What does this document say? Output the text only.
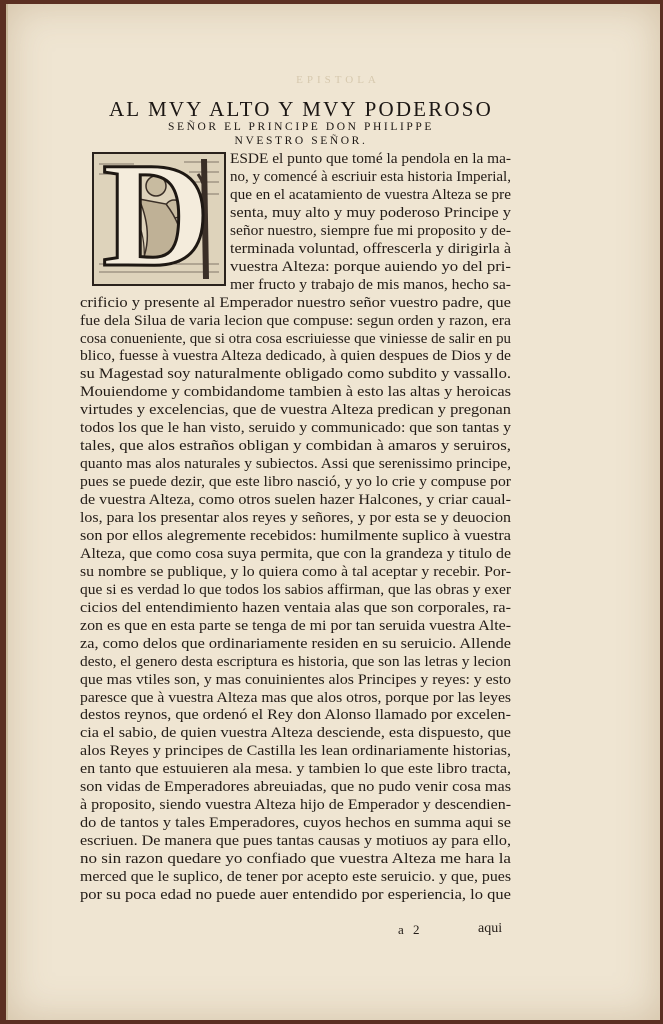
EPISTOLA
AL MVY ALTO Y MVY PODEROSO
SEÑOR EL PRINCIPE DON PHILIPPE
NVESTRO SEÑOR.
D ESDE el punto que tomé la pendola en la ma-
no, y comencé à escriuir esta historia Imperial,
que en el acatamiento de vuestra Alteza se pre
senta, muy alto y muy poderoso Principe y
señor nuestro, siempre fue mi proposito y de-
terminada voluntad, offrescerla y dirigirla à
vuestra Alteza: porque auiendo yo del pri-
mer fructo y trabajo de mis manos, hecho sa-
crificio y presente al Emperador nuestro señor vuestro padre, que
fue dela Silua de varia lecion que compuse: segun orden y razon, era
cosa conueniente, que si otra cosa escriuiesse que viniesse de salir en pu
blico, fuesse à vuestra Alteza dedicado, à quien despues de Dios y de
su Magestad soy naturalmente obligado como subdito y vassallo.
Mouiendome y combidandome tambien à esto las altas y heroicas
virtudes y excelencias, que de vuestra Alteza predican y pregonan
todos los que le han visto, seruido y communicado: que son tantas y
tales, que alos estraños obligan y combidan à amaros y seruiros,
quanto mas alos naturales y subiectos. Assi que serenissimo principe,
pues se puede dezir, que este libro nasció, y yo lo crie y compuse por
de vuestra Alteza, como otros suelen hazer Halcones, y criar caual-
los, para los presentar alos reyes y señores, y por esta se y deuocion
son por ellos alegremente recebidos: humilmente suplico à vuestra
Alteza, que como cosa suya permita, que con la grandeza y titulo de
su nombre se publique, y lo quiera como à tal aceptar y recebir. Por-
que si es verdad lo que todos los sabios affirman, que las obras y exer
cicios del entendimiento hazen ventaia alas que son corporales, ra-
zon es que en esta parte se tenga de mi por tan seruida vuestra Alte-
za, como delos que ordinariamente residen en su seruicio. Allende
desto, el genero desta escriptura es historia, que son las letras y lecion
que mas vtiles son, y mas conuinientes alos Principes y reyes: y esto
paresce que à vuestra Alteza mas que alos otros, porque por las leyes
destos reynos, que ordenó el Rey don Alonso llamado por excelen-
cia el sabio, de quien vuestra Alteza desciende, esta dispuesto, que
alos Reyes y principes de Castilla les lean ordinariamente historias,
en tanto que estuuieren ala mesa. y tambien lo que este libro tracta,
son vidas de Emperadores abreuiadas, que no pudo venir cosa mas
à proposito, siendo vuestra Alteza hijo de Emperador y descendien-
do de tantos y tales Emperadores, cuyos hechos en summa aqui se
escriuen. De manera que pues tantas causas y motiuos ay para ello,
no sin razon quedare yo confiado que vuestra Alteza me hara la
merced que le suplico, de tener por acepto este seruicio. y que, pues
por su poca edad no puede auer entendido por esperiencia, lo que
a 2	aqui
